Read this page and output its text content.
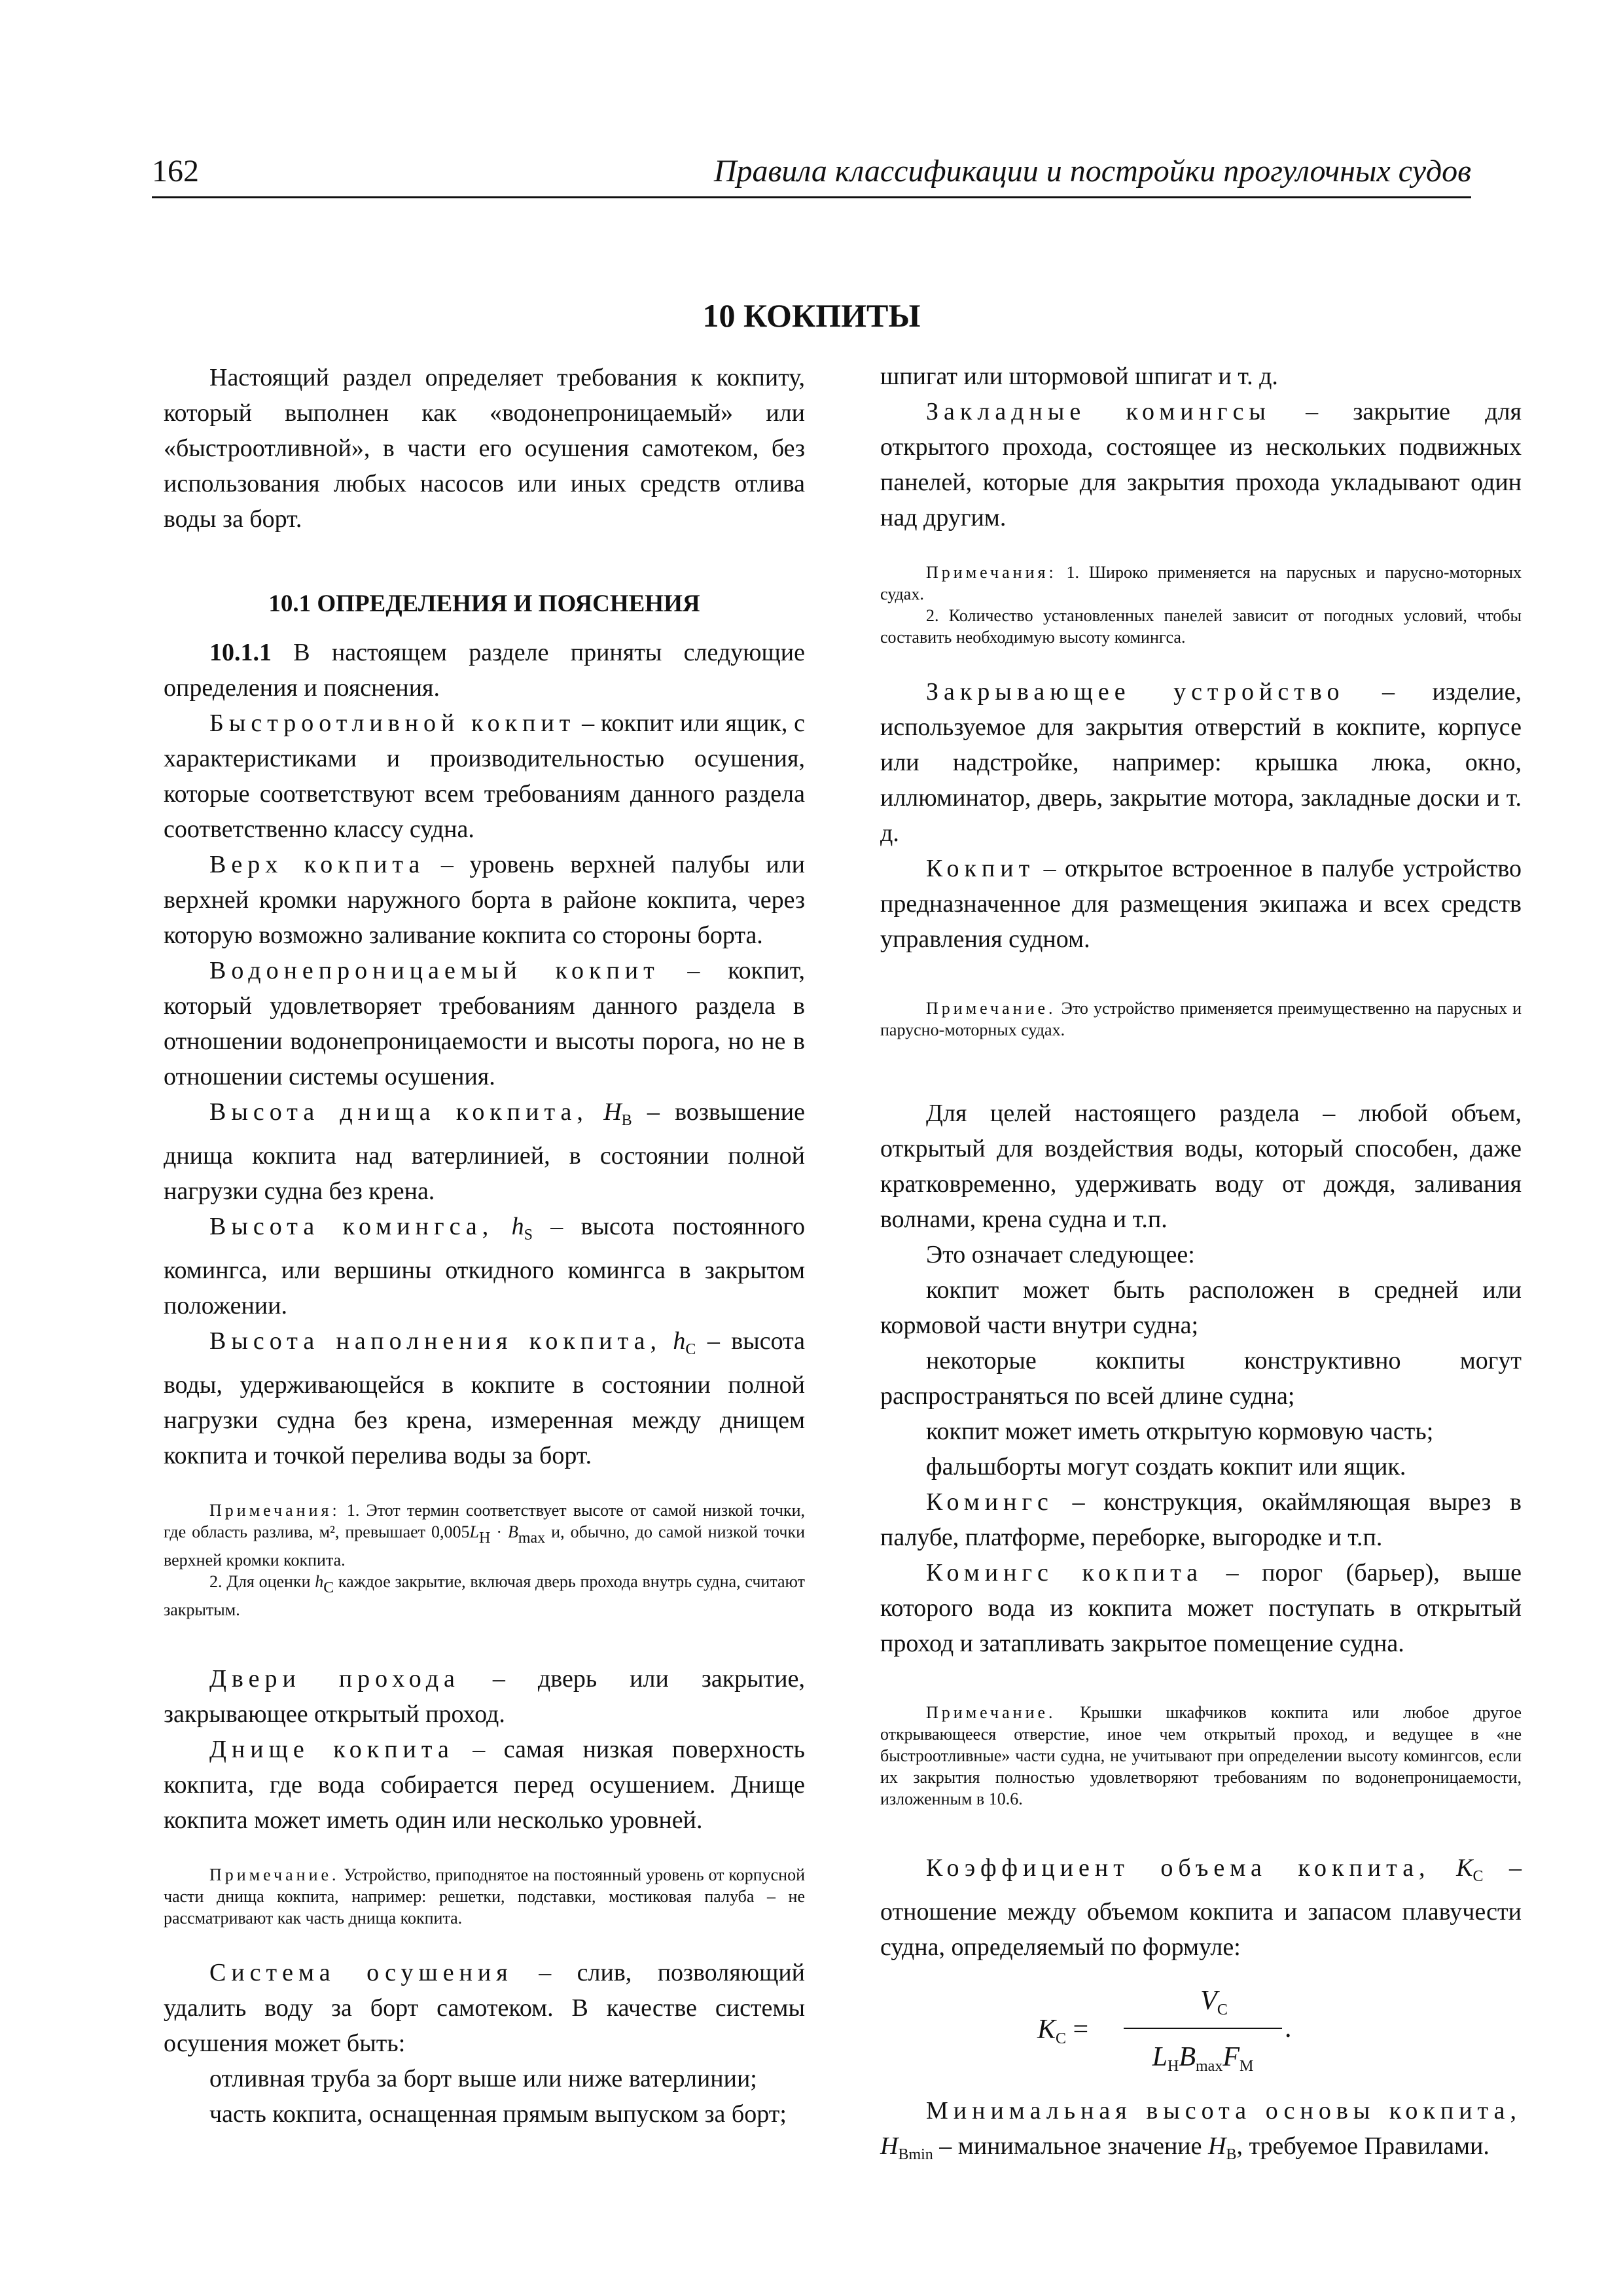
162	Правила классификации и постройки прогулочных судов
10 КОКПИТЫ

Настоящий раздел определяет требования к кокпиту, который выполнен как «водонепроницаемый» или «быстроотливной», в части его осушения самотеком, без использования любых насосов или иных средств отлива воды за борт.

10.1 ОПРЕДЕЛЕНИЯ И ПОЯСНЕНИЯ

10.1.1 В настоящем разделе приняты следующие определения и пояснения.

Быстроотливной кокпит – кокпит или ящик, с характеристиками и производительностью осушения, которые соответствуют всем требованиям данного раздела соответственно классу судна.

Верх кокпита – уровень верхней палубы или верхней кромки наружного борта в районе кокпита, через которую возможно заливание кокпита со стороны борта.

Водонепроницаемый кокпит – кокпит, который удовлетворяет требованиям данного раздела в отношении водонепроницаемости и высоты порога, но не в отношении системы осушения.

Высота днища кокпита, $H_B$ – возвышение днища кокпита над ватерлинией, в состоянии полной нагрузки судна без крена.

Высота комингса, $h_S$ – высота постоянного комингса, или вершины откидного комингса в закрытом положении.

Высота наполнения кокпита, $h_C$ – высота воды, удерживающейся в кокпите в состоянии полной нагрузки судна без крена, измеренная между днищем кокпита и точкой перелива воды за борт.

Примечания: 1. Этот термин соответствует высоте от самой низкой точки, где область разлива, м², превышает 0,005LH · Bmax и, обычно, до самой низкой точки верхней кромки кокпита.

2. Для оценки hC каждое закрытие, включая дверь прохода внутрь судна, считают закрытым.

Двери прохода – дверь или закрытие, закрывающее открытый проход.

Днище кокпита – самая низкая поверхность кокпита, где вода собирается перед осушением. Днище кокпита может иметь один или несколько уровней.

Примечание. Устройство, приподнятое на постоянный уровень от корпусной части днища кокпита, например: решетки, подставки, мостиковая палуба – не рассматривают как часть днища кокпита.

Система осушения – слив, позволяющий удалить воду за борт самотеком. В качестве системы осушения может быть:

отливная труба за борт выше или ниже ватерлинии;

часть кокпита, оснащенная прямым выпуском за борт;

шпигат или штормовой шпигат и т. д.

Закладные комингсы – закрытие для открытого прохода, состоящее из нескольких подвижных панелей, которые для закрытия прохода укладывают один над другим.

Примечания: 1. Широко применяется на парусных и парусно-моторных судах.

2. Количество установленных панелей зависит от погодных условий, чтобы составить необходимую высоту комингса.

Закрывающее устройство – изделие, используемое для закрытия отверстий в кокпите, корпусе или надстройке, например: крышка люка, окно, иллюминатор, дверь, закрытие мотора, закладные доски и т. д.

Кокпит – открытое встроенное в палубе устройство предназначенное для размещения экипажа и всех средств управления судном.

Примечание. Это устройство применяется преимущественно на парусных и парусно-моторных судах.

Для целей настоящего раздела – любой объем, открытый для воздействия воды, который способен, даже кратковременно, удерживать воду от дождя, заливания волнами, крена судна и т.п.

Это означает следующее:

кокпит может быть расположен в средней или кормовой части внутри судна;

некоторые кокпиты конструктивно могут распространяться по всей длине судна;

кокпит может иметь открытую кормовую часть;

фальшборты могут создать кокпит или ящик.

Комингс – конструкция, окаймляющая вырез в палубе, платформе, переборке, выгородке и т.п.

Комингс кокпита – порог (барьер), выше которого вода из кокпита может поступать в открытый проход и затапливать закрытое помещение судна.

Примечание. Крышки шкафчиков кокпита или любое другое открывающееся отверстие, иное чем открытый проход, и ведущее в «не быстроотливные» части судна, не учитывают при определении высоту комингсов, если их закрытия полностью удовлетворяют требованиям по водонепроницаемости, изложенным в 10.6.

Коэффициент объема кокпита, $K_C$ – отношение между объемом кокпита и запасом плавучести судна, определяемый по формуле:

$K_C$ =
$V_C$
$L_HB_{max}F_M$
.

Минимальная высота основы кокпита, $H_{Bmin}$ – минимальное значение $H_B$, требуемое Правилами.
